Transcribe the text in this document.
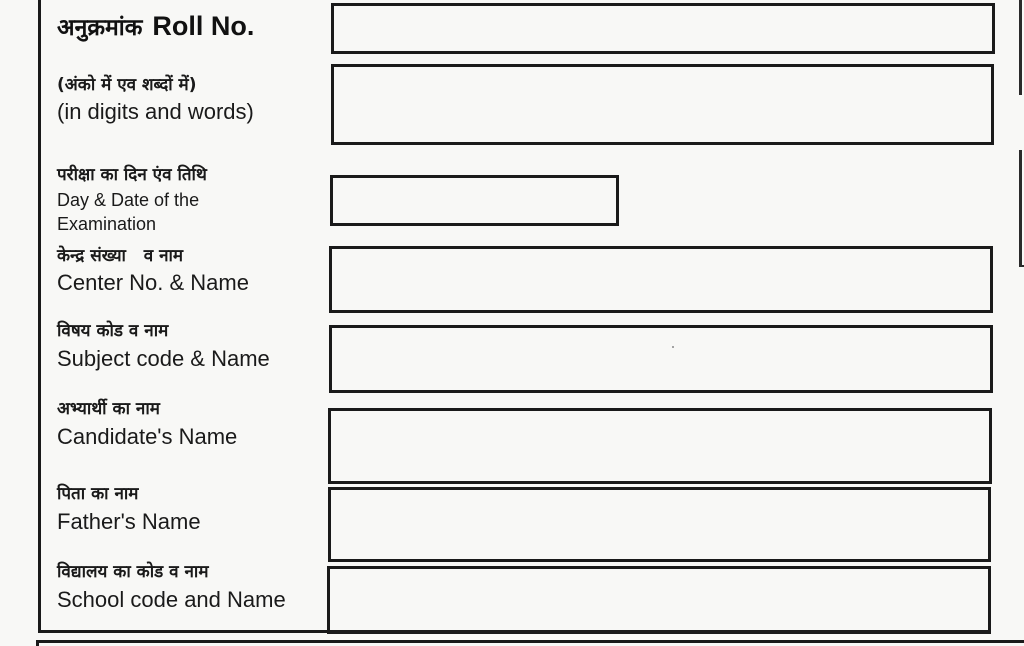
अनुक्रमांक Roll No.
(अंको में एव शब्दों में)
(in digits and words)
परीक्षा का दिन एंव तिथि
Day & Date of the
Examination
केन्द्र संख्या   व नाम
Center No. & Name
विषय कोड व नाम
Subject code & Name
अभ्यार्थी का नाम
Candidate's Name
पिता का नाम
Father's Name
विद्यालय का कोड व नाम
School code and Name
